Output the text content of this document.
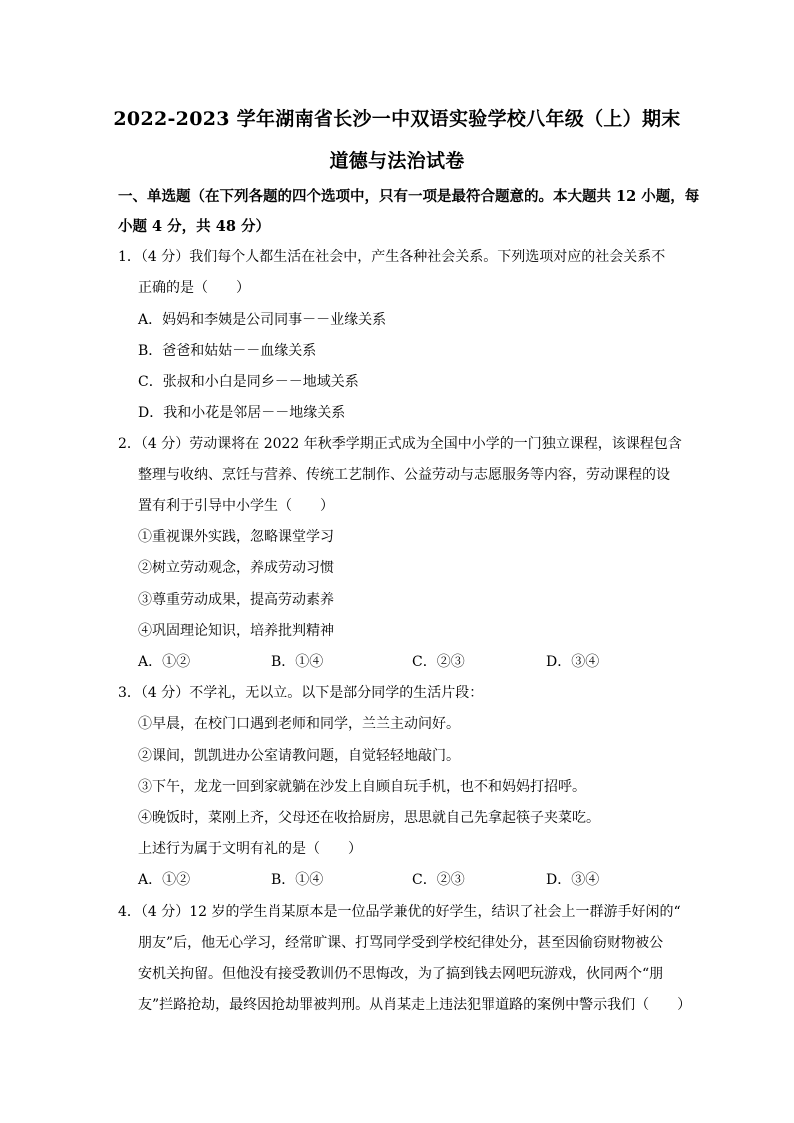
2022-2023 学年湖南省长沙一中双语实验学校八年级（上）期末
道德与法治试卷
一、单选题（在下列各题的四个选项中，只有一项是最符合题意的。本大题共 12 小题，每
小题 4 分，共 48 分）
1．（4 分）我们每个人都生活在社会中，产生各种社会关系。下列选项对应的社会关系不
正确的是（　　）
A．妈妈和李姨是公司同事－－业缘关系
B．爸爸和姑姑－－血缘关系
C．张叔和小白是同乡－－地域关系
D．我和小花是邻居－－地缘关系
2．（4 分）劳动课将在 2022 年秋季学期正式成为全国中小学的一门独立课程，该课程包含
整理与收纳、烹饪与营养、传统工艺制作、公益劳动与志愿服务等内容，劳动课程的设
置有利于引导中小学生（　　）
①重视课外实践，忽略课堂学习
②树立劳动观念，养成劳动习惯
③尊重劳动成果，提高劳动素养
④巩固理论知识，培养批判精神
A．①②	B．①④	C．②③	D．③④
3．（4 分）不学礼，无以立。以下是部分同学的生活片段：
①早晨，在校门口遇到老师和同学，兰兰主动问好。
②课间，凯凯进办公室请教问题，自觉轻轻地敲门。
③下午，龙龙一回到家就躺在沙发上自顾自玩手机，也不和妈妈打招呼。
④晚饭时，菜刚上齐，父母还在收拾厨房，思思就自己先拿起筷子夹菜吃。
上述行为属于文明有礼的是（　　）
A．①②	B．①④	C．②③	D．③④
4．（4 分）12 岁的学生肖某原本是一位品学兼优的好学生，结识了社会上一群游手好闲的“
朋友”后，他无心学习，经常旷课、打骂同学受到学校纪律处分，甚至因偷窃财物被公
安机关拘留。但他没有接受教训仍不思悔改，为了搞到钱去网吧玩游戏，伙同两个“朋
友”拦路抢劫，最终因抢劫罪被判刑。从肖某走上违法犯罪道路的案例中警示我们（　　）
